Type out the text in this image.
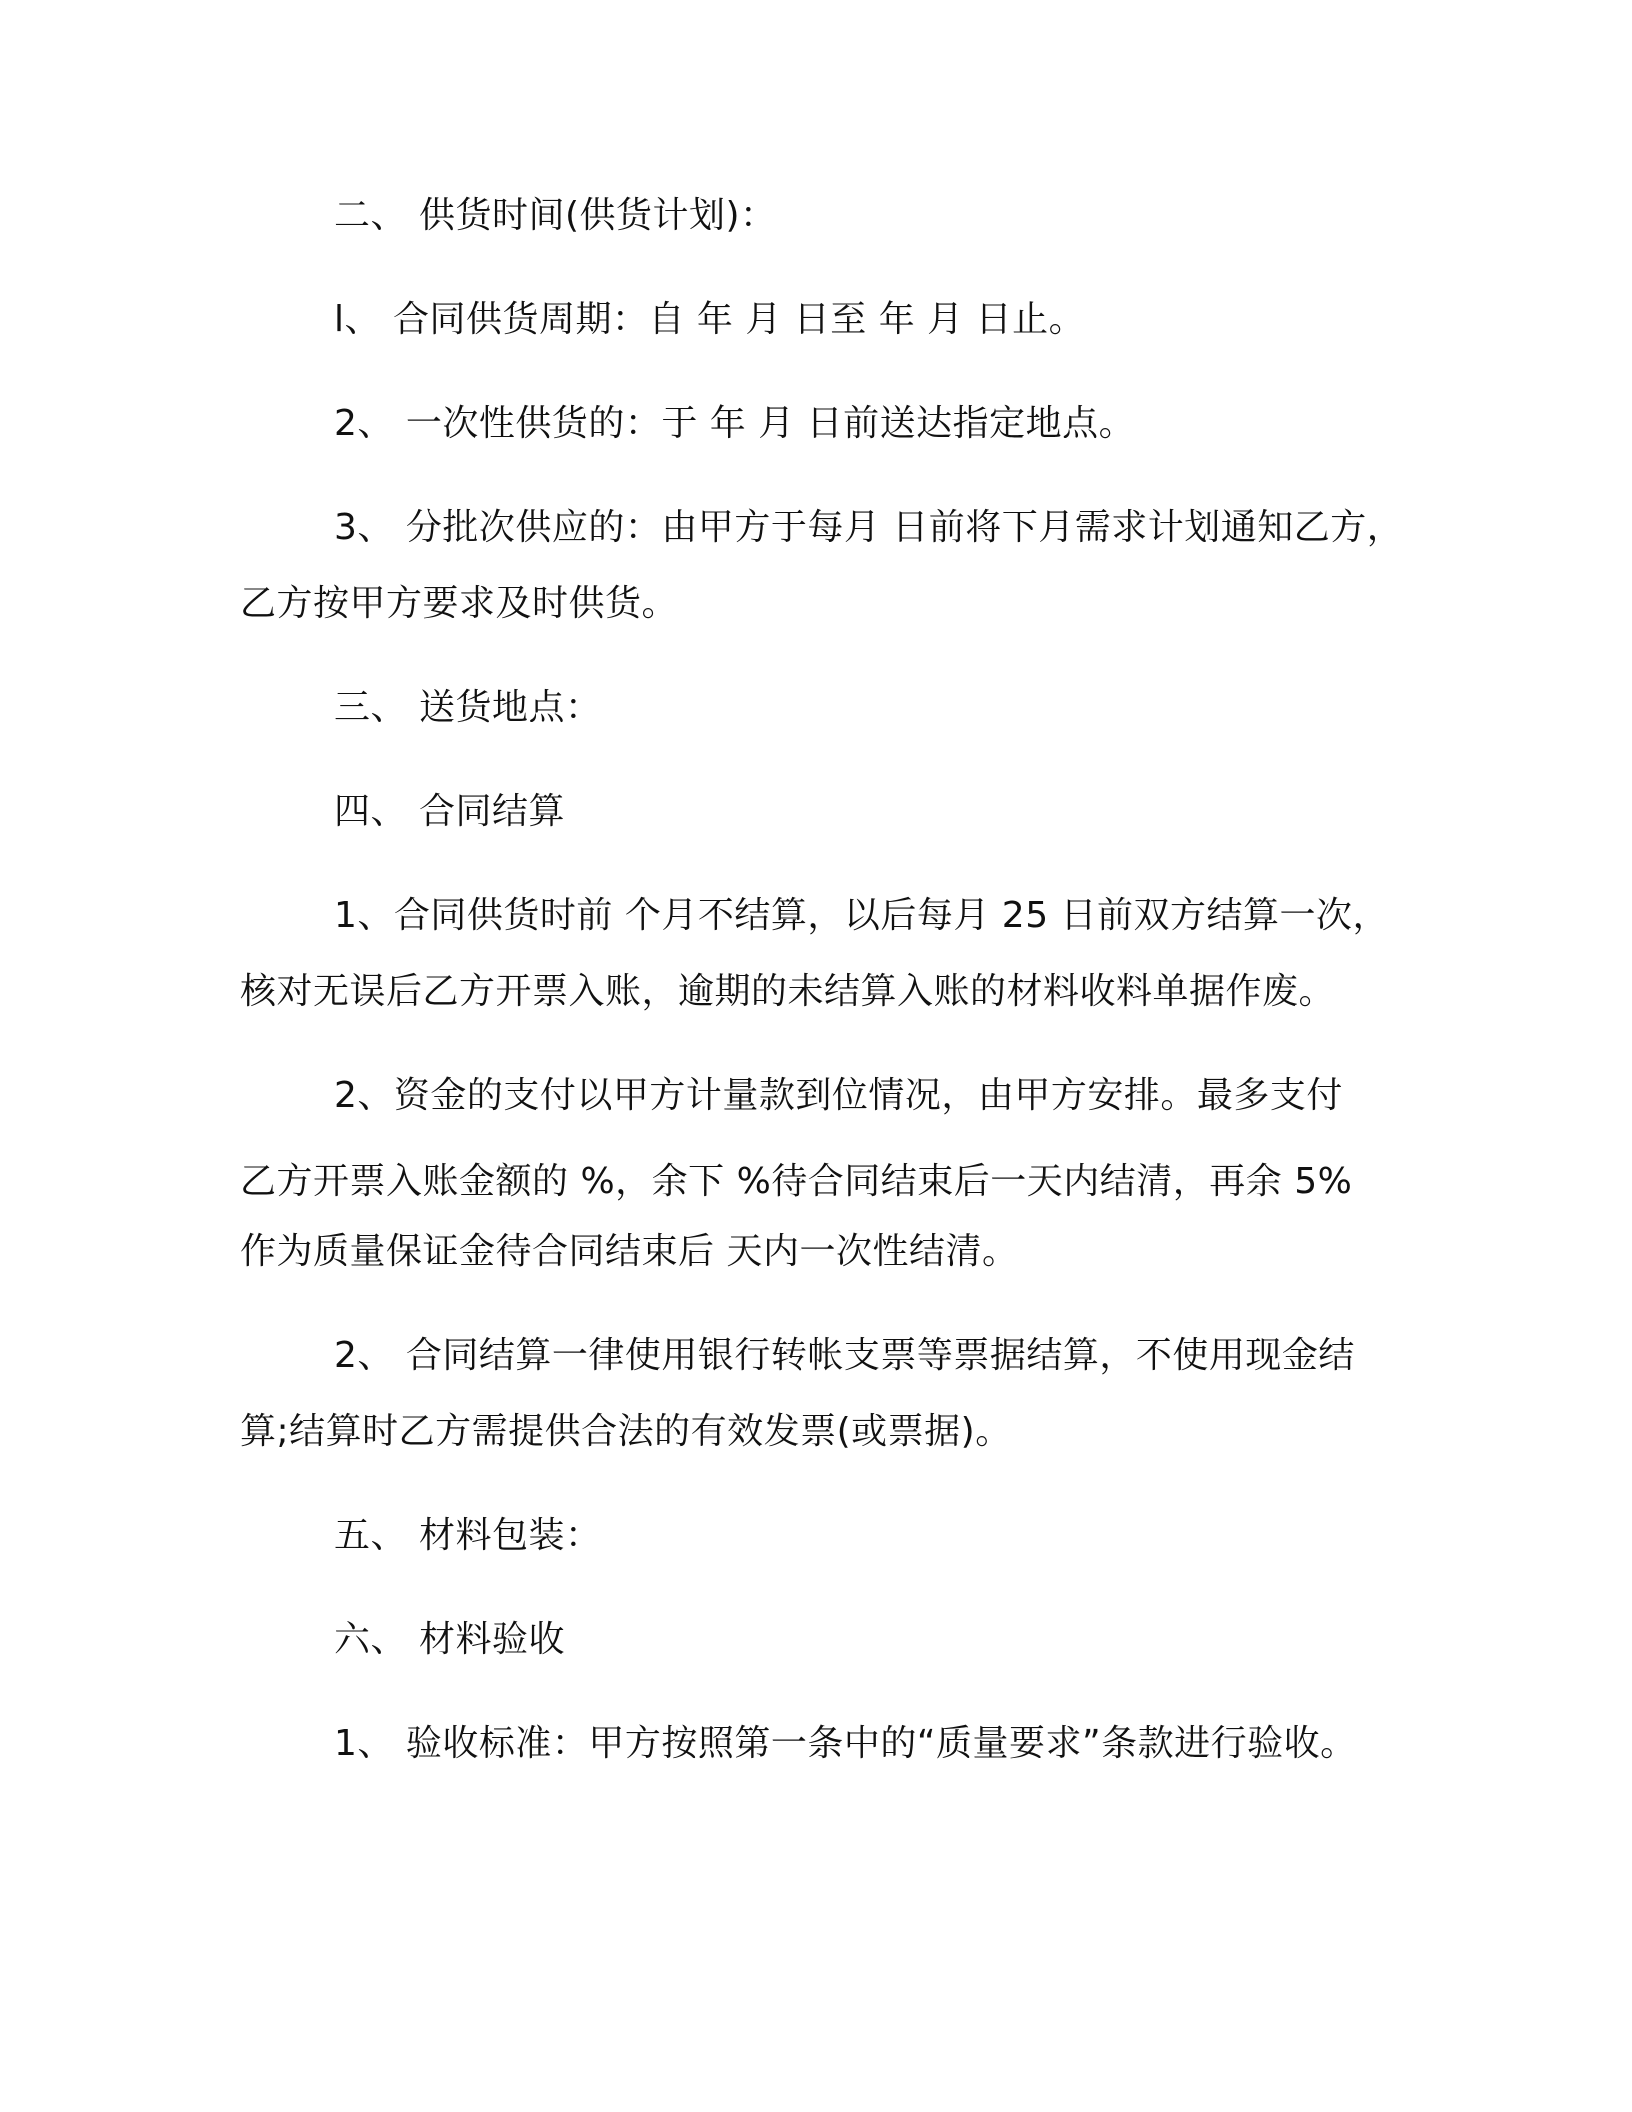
二、 供货时间(供货计划)：
l、 合同供货周期：自 年 月 日至 年 月 日止。
2、 一次性供货的：于 年 月 日前送达指定地点。
3、 分批次供应的：由甲方于每月 日前将下月需求计划通知乙方，
乙方按甲方要求及时供货。
三、 送货地点：
四、 合同结算
1、合同供货时前 个月不结算，以后每月 25 日前双方结算一次，
核对无误后乙方开票入账，逾期的未结算入账的材料收料单据作废。
2、资金的支付以甲方计量款到位情况，由甲方安排。最多支付
乙方开票入账金额的 %，余下 %待合同结束后一天内结清，再余 5%
作为质量保证金待合同结束后 天内一次性结清。
2、 合同结算一律使用银行转帐支票等票据结算，不使用现金结
算;结算时乙方需提供合法的有效发票(或票据)。
五、 材料包装：
六、 材料验收
1、 验收标准：甲方按照第一条中的“质量要求”条款进行验收。
